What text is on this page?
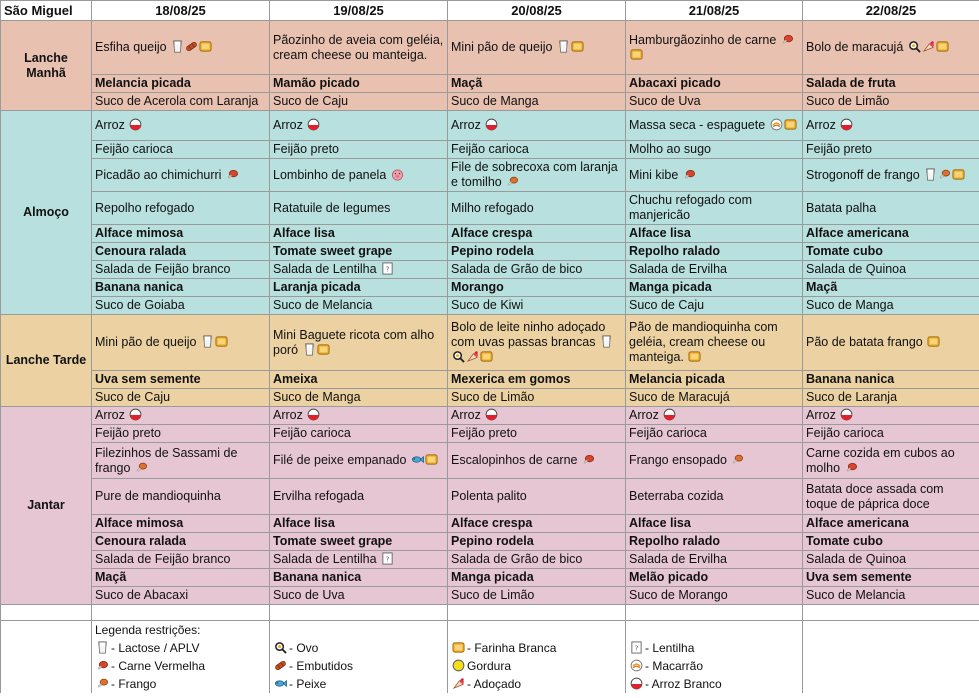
São Miguel	18/08/25	19/08/25	20/08/25	21/08/25	22/08/25
Lanche Manhã	Esfiha queijo	Pãozinho de aveia com geléia, cream cheese ou manteiga.	Mini pão de queijo	Hamburgãozinho de carne	Bolo de maracujá

	Melancia picada	Mamão picado	Maçã	Abacaxi picado	Salada de fruta
	Suco de Acerola com Laranja	Suco de Caju	Suco de Manga	Suco de Uva	Suco de Limão
Almoço	Arroz	Arroz	Arroz	Massa seca - espaguete	Arroz

	Feijão carioca	Feijão preto	Feijão carioca	Molho ao sugo	Feijão preto
	Picadão ao chimichurri	Lombinho de panela	File de sobrecoxa com laranja e tomilho	Mini kibe	Strogonoff de frango

	Repolho refogado	Ratatuile de legumes	Milho refogado	Chuchu refogado com manjericão	Batata palha
	Alface mimosa	Alface lisa	Alface crespa	Alface lisa	Alface americana
	Cenoura ralada	Tomate sweet grape	Pepino rodela	Repolho ralado	Tomate cubo
	Salada de Feijão branco	Salada de Lentilha ?	Salada de Grão de bico	Salada de Ervilha	Salada de Quinoa
	Banana nanica	Laranja picada	Morango	Manga picada	Maçã
	Suco de Goiaba	Suco de Melancia	Suco de Kiwi	Suco de Caju	Suco de Manga
Lanche Tarde	Mini pão de queijo	Mini Baguete ricota com alho poró	Bolo de leite ninho adoçado com uvas passas brancas	Pão de mandioquinha com geléia, cream cheese ou manteiga.	Pão de batata frango

	Uva sem semente	Ameixa	Mexerica em gomos	Melancia picada	Banana nanica
	Suco de Caju	Suco de Manga	Suco de Limão	Suco de Maracujá	Suco de Laranja
Jantar	Arroz	Arroz	Arroz	Arroz	Arroz

	Feijão preto	Feijão carioca	Feijão preto	Feijão carioca	Feijão carioca
	Filezinhos de Sassami de frango	Filé de peixe empanado	Escalopinhos de carne	Frango ensopado	Carne cozida em cubos ao molho

	Pure de mandioquinha	Ervilha refogada	Polenta palito	Beterraba cozida	Batata doce assada com toque de páprica doce
	Alface mimosa	Alface lisa	Alface crespa	Alface lisa	Alface americana
	Cenoura ralada	Tomate sweet grape	Pepino rodela	Repolho ralado	Tomate cubo
	Salada de Feijão branco	Salada de Lentilha ?	Salada de Grão de bico	Salada de Ervilha	Salada de Quinoa
	Maçã	Banana nanica	Manga picada	Melão picado	Uva sem semente
	Suco de Abacaxi	Suco de Uva	Suco de Limão	Suco de Morango	Suco de Melancia

	Legenda restrições:				

- Lactose / APLV	- Ovo	- Farinha Branca	? - Lentilha	

- Carne Vermelha	- Embutidos	Gordura	- Macarrão	

- Frango	- Peixe	- Adoçado	- Arroz Branco	
